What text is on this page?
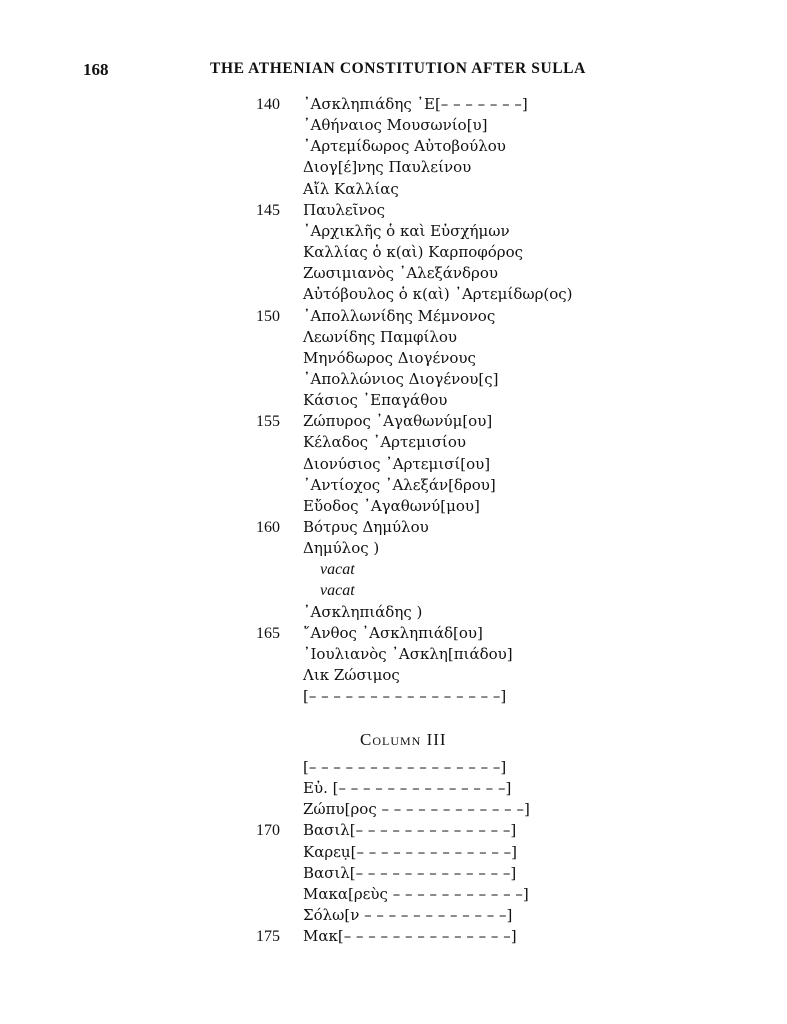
168	THE ATHENIAN CONSTITUTION AFTER SULLA
140	᾿Ασκληπιάδης ᾿Ε[– – – – – – –]
᾿Αθήναιος Μουσωνίο[υ]
᾿Αρτεμίδωρος Αὐτοβούλου
Διογ[έ]νης Παυλείνου
Αἴλ Καλλίας
145	Παυλεῖνος
᾿Αρχικλῆς ὁ καὶ Εὐσχήμων
Καλλίας ὁ κ(αὶ) Καρποφόρος
Ζωσιμιανὸς ᾿Αλεξάνδρου
Αὐτόβουλος ὁ κ(αὶ) ᾿Αρτεμίδωρ(ος)
150	᾿Απολλωνίδης Μέμνονος
Λεωνίδης Παμφίλου
Μηνόδωρος Διογένους
᾿Απολλώνιος Διογένου[ς]
Κάσιος ᾿Επαγάθου
155	Ζώπυρος ᾿Αγαθωνύμ[ου]
Κέλαδος ᾿Αρτεμισίου
Διονύσιος ᾿Αρτεμισί[ου]
᾿Αντίοχος ᾿Αλεξάν[δρου]
Εὔοδος ᾿Αγαθωνύ[μου]
160	Βότρυς Δημύλου
Δημύλος )
vacat
vacat
᾿Ασκληπιάδης )
165	῎Ανθος ᾿Ασκληπιάδ[ου]
᾿Ιουλιανὸς ᾿Ασκλη[πιάδου]
Λικ Ζώσιμος
[– – – – – – – – – – – – – – – –]
Column III
[– – – – – – – – – – – – – – – –]
Εὐ. [– – – – – – – – – – – – – –]
Ζώπυ[ρος – – – – – – – – – – – –]
170	Βασιλ[– – – – – – – – – – – – –]
Καρεụ[– – – – – – – – – – – – –]
Βασιλ[– – – – – – – – – – – – –]
Μακα[ρεὺς – – – – – – – – – – –]
Σόλω[ν – – – – – – – – – – – –]
175	Μακ[– – – – – – – – – – – – – –]
